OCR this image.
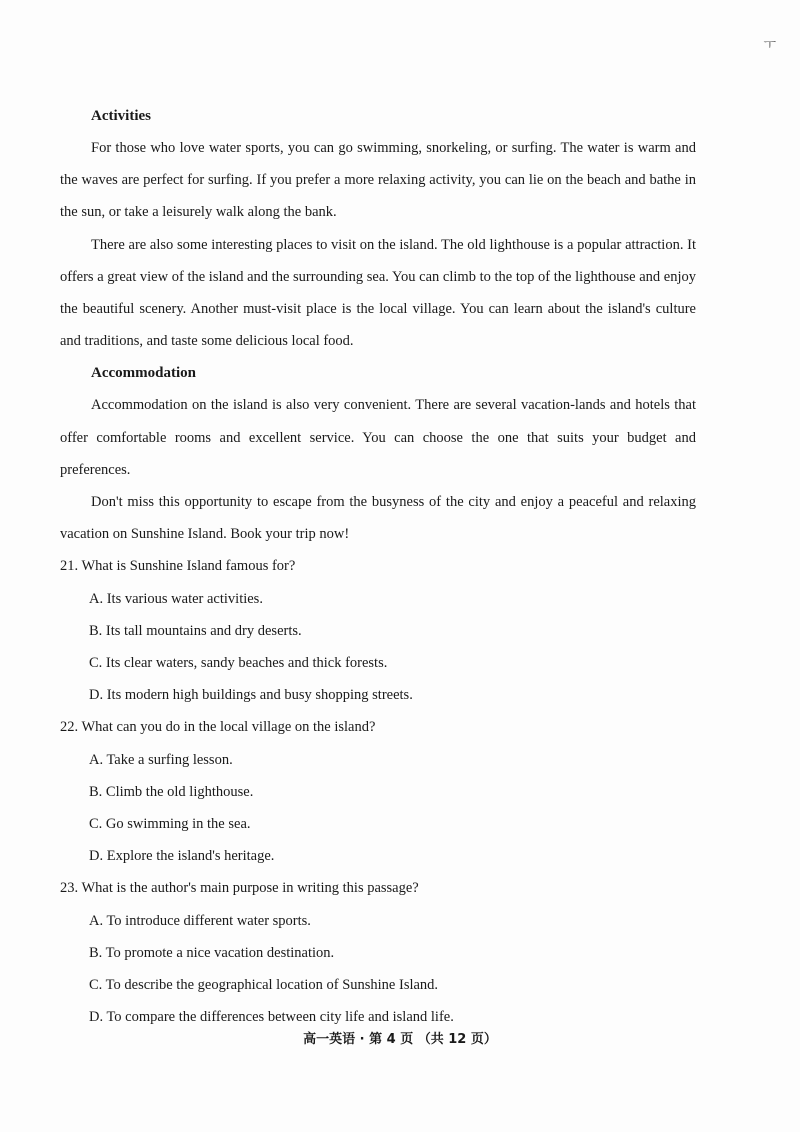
ㅜ
Activities

For those who love water sports, you can go swimming, snorkeling, or surfing. The water is warm and the waves are perfect for surfing. If you prefer a more relaxing activity, you can lie on the beach and bathe in the sun, or take a leisurely walk along the bank.

There are also some interesting places to visit on the island. The old lighthouse is a popular attraction. It offers a great view of the island and the surrounding sea. You can climb to the top of the lighthouse and enjoy the beautiful scenery. Another must-visit place is the local village. You can learn about the island's culture and traditions, and taste some delicious local food.

Accommodation

Accommodation on the island is also very convenient. There are several vacation-lands and hotels that offer comfortable rooms and excellent service. You can choose the one that suits your budget and preferences.

Don't miss this opportunity to escape from the busyness of the city and enjoy a peaceful and relaxing vacation on Sunshine Island. Book your trip now!

21. What is Sunshine Island famous for?

A. Its various water activities.
B. Its tall mountains and dry deserts.
C. Its clear waters, sandy beaches and thick forests.
D. Its modern high buildings and busy shopping streets.

22. What can you do in the local village on the island?

A. Take a surfing lesson.
B. Climb the old lighthouse.
C. Go swimming in the sea.
D. Explore the island's heritage.

23. What is the author's main purpose in writing this passage?

A. To introduce different water sports.
B. To promote a nice vacation destination.
C. To describe the geographical location of Sunshine Island.
D. To compare the differences between city life and island life.
高一英语 · 第 4 页 （共 12 页）
